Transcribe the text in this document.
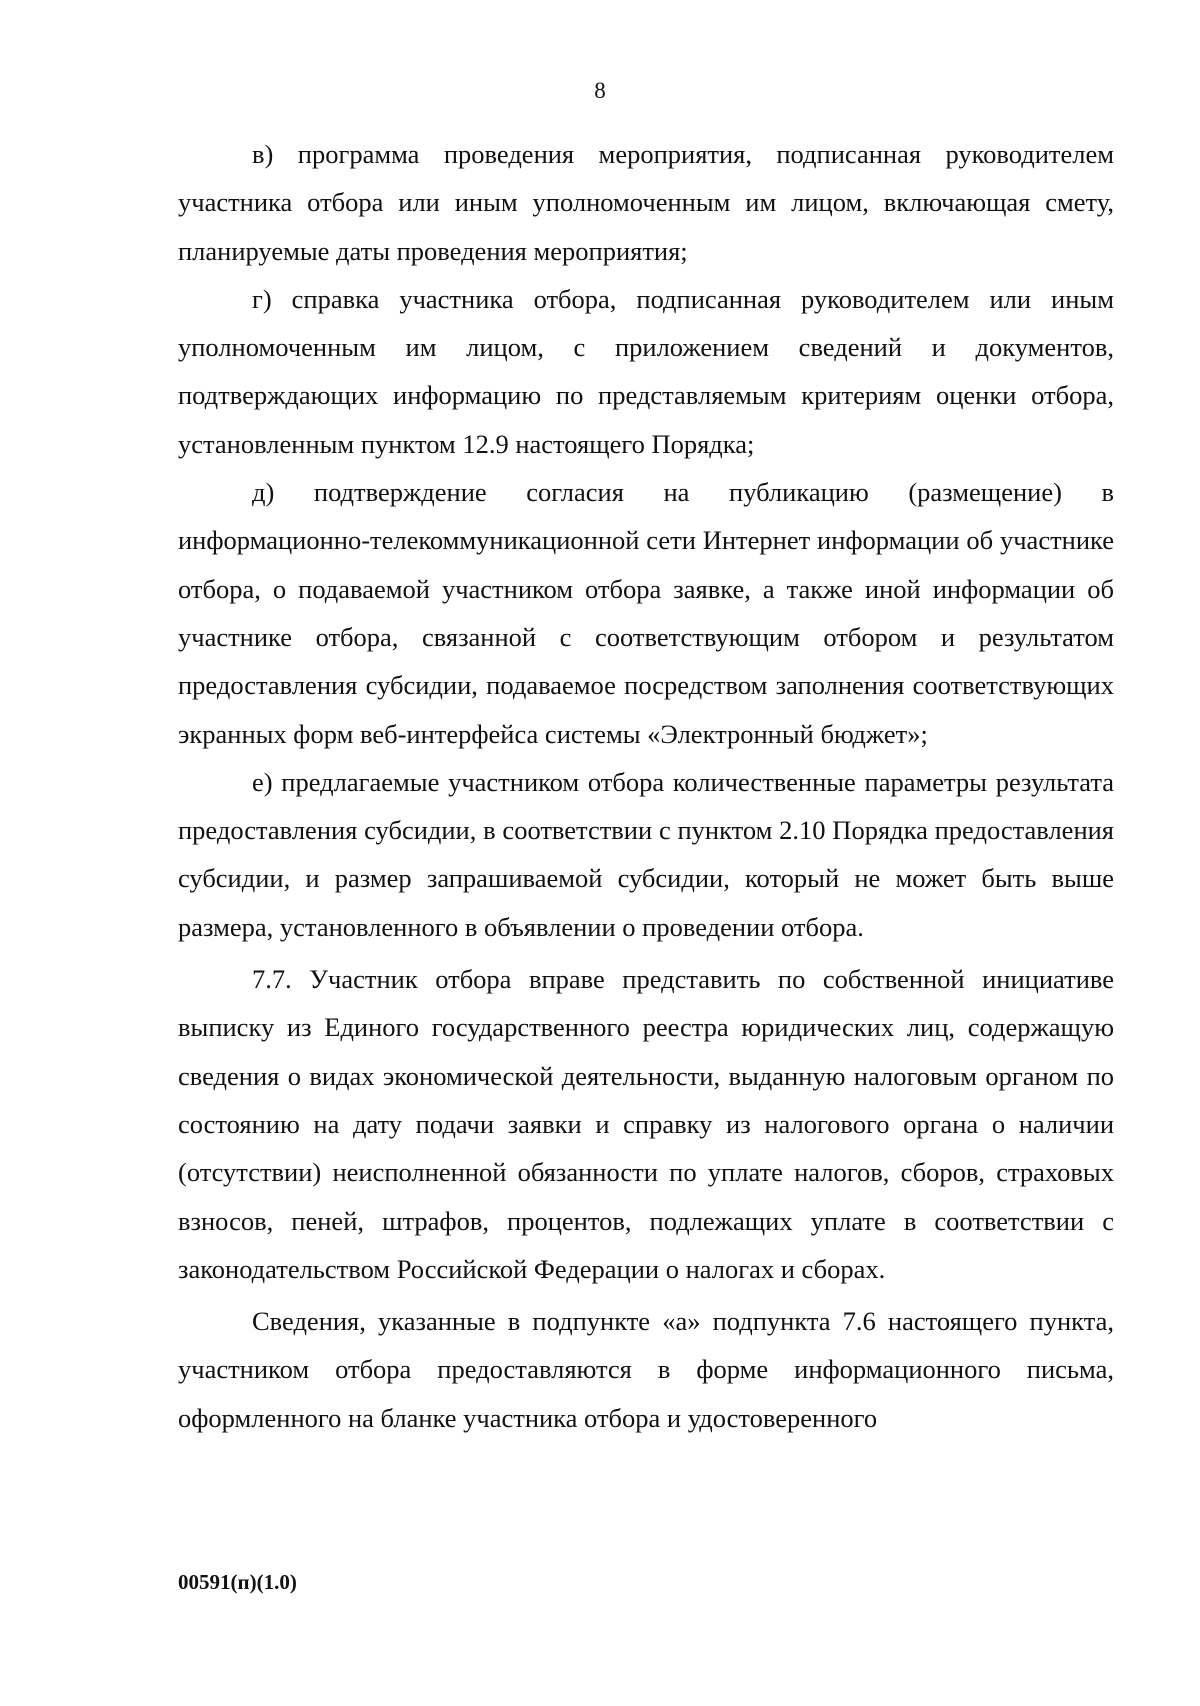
8

в) программа проведения мероприятия, подписанная руководителем участника отбора или иным уполномоченным им лицом, включающая смету, планируемые даты проведения мероприятия;

г) справка участника отбора, подписанная руководителем или иным уполномоченным им лицом, с приложением сведений и документов, подтверждающих информацию по представляемым критериям оценки отбора, установленным пунктом 12.9 настоящего Порядка;

д) подтверждение согласия на публикацию (размещение) в информационно-телекоммуникационной сети Интернет информации об участнике отбора, о подаваемой участником отбора заявке, а также иной информации об участнике отбора, связанной с соответствующим отбором и результатом предоставления субсидии, подаваемое посредством заполнения соответствующих экранных форм веб-интерфейса системы «Электронный бюджет»;

е) предлагаемые участником отбора количественные параметры результата предоставления субсидии, в соответствии с пунктом 2.10 Порядка предоставления субсидии, и размер запрашиваемой субсидии, который не может быть выше размера, установленного в объявлении о проведении отбора.

7.7. Участник отбора вправе представить по собственной инициативе выписку из Единого государственного реестра юридических лиц, содержащую сведения о видах экономической деятельности, выданную налоговым органом по состоянию на дату подачи заявки и справку из налогового органа о наличии (отсутствии) неисполненной обязанности по уплате налогов, сборов, страховых взносов, пеней, штрафов, процентов, подлежащих уплате в соответствии с законодательством Российской Федерации о налогах и сборах.

Сведения, указанные в подпункте «а» подпункта 7.6 настоящего пункта, участником отбора предоставляются в форме информационного письма, оформленного на бланке участника отбора и удостоверенного

00591(п)(1.0)
